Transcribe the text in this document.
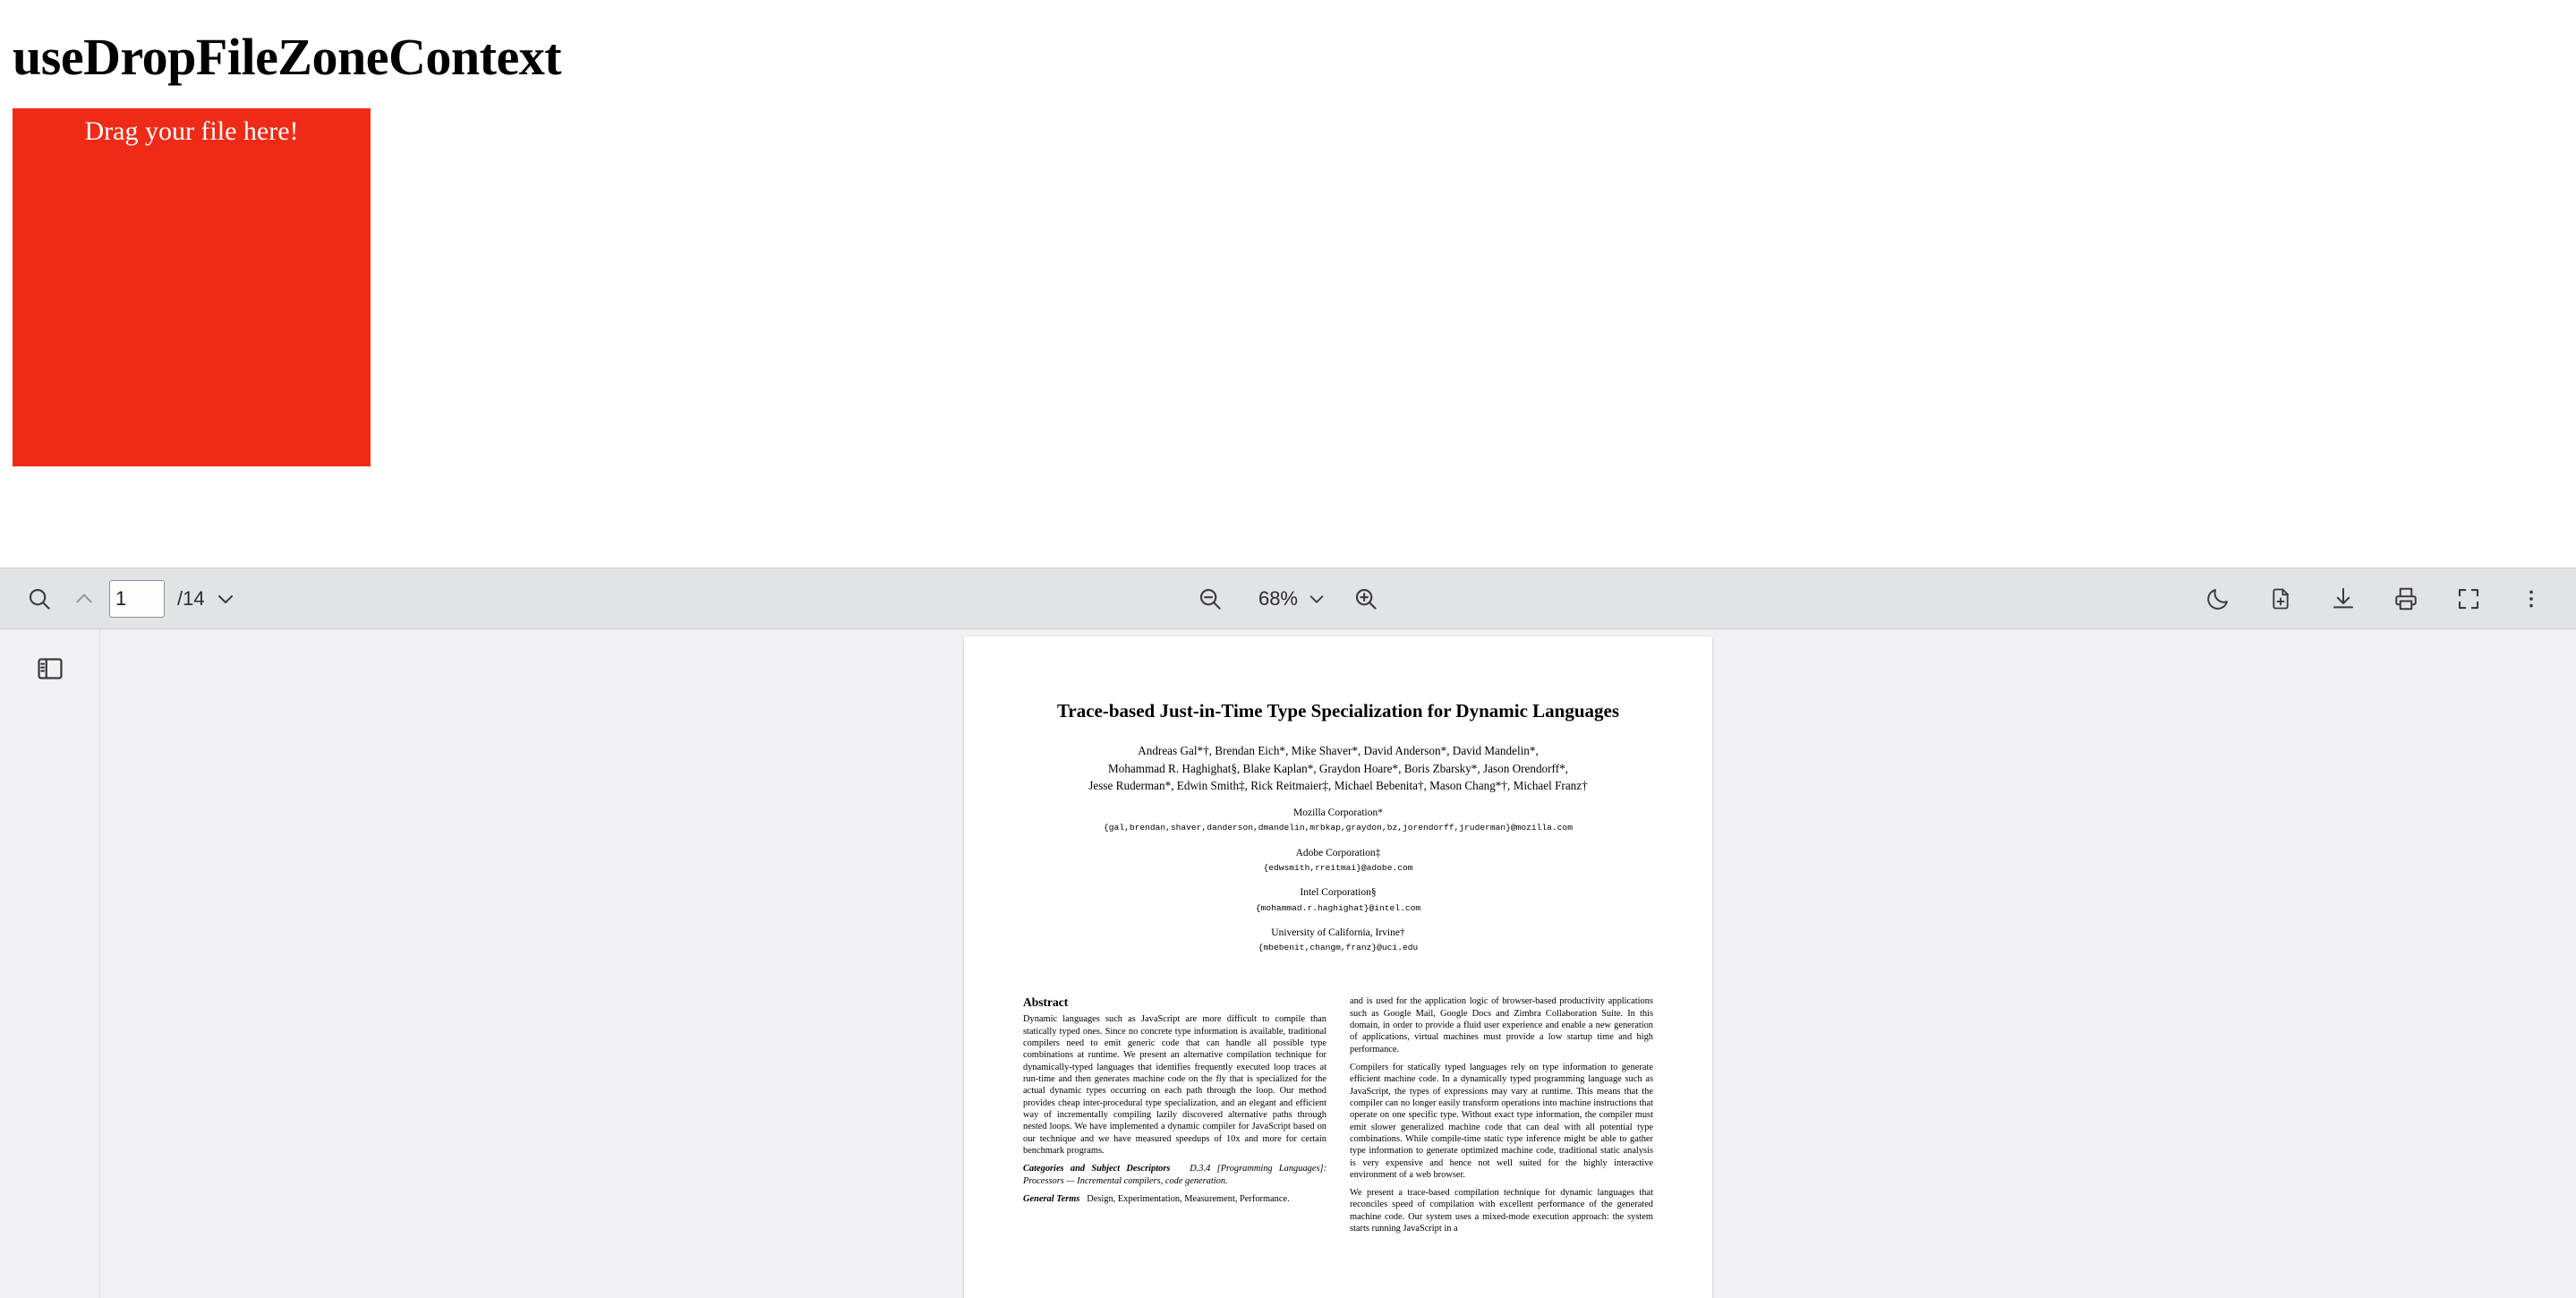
useDropFileZoneContext
Drag your file here!
1
/14	68%
Trace-based Just-in-Time Type Specialization for Dynamic Languages
Andreas Gal*†, Brendan Eich*, Mike Shaver*, David Anderson*, David Mandelin*,
Mohammad R. Haghighat§, Blake Kaplan*, Graydon Hoare*, Boris Zbarsky*, Jason Orendorff*,
Jesse Ruderman*, Edwin Smith‡, Rick Reitmaier‡, Michael Bebenita†, Mason Chang*†, Michael Franz†
Mozilla Corporation*
{gal,brendan,shaver,danderson,dmandelin,mrbkap,graydon,bz,jorendorff,jruderman}@mozilla.com
Adobe Corporation‡
{edwsmith,rreitmai}@adobe.com
Intel Corporation§
{mohammad.r.haghighat}@intel.com
University of California, Irvine†
{mbebenit,changm,franz}@uci.edu
Abstract

Dynamic languages such as JavaScript are more difficult to compile than statically typed ones. Since no concrete type information is available, traditional compilers need to emit generic code that can handle all possible type combinations at runtime. We present an alternative compilation technique for dynamically-typed languages that identifies frequently executed loop traces at run-time and then generates machine code on the fly that is specialized for the actual dynamic types occurring on each path through the loop. Our method provides cheap inter-procedural type specialization, and an elegant and efficient way of incrementally compiling lazily discovered alternative paths through nested loops. We have implemented a dynamic compiler for JavaScript based on our technique and we have measured speedups of 10x and more for certain benchmark programs.

Categories and Subject Descriptors D.3.4 [Programming Languages]: Processors — Incremental compilers, code generation.

General Terms Design, Experimentation, Measurement, Performance.

and is used for the application logic of browser-based productivity applications such as Google Mail, Google Docs and Zimbra Collaboration Suite. In this domain, in order to provide a fluid user experience and enable a new generation of applications, virtual machines must provide a low startup time and high performance.

Compilers for statically typed languages rely on type information to generate efficient machine code. In a dynamically typed programming language such as JavaScript, the types of expressions may vary at runtime. This means that the compiler can no longer easily transform operations into machine instructions that operate on one specific type. Without exact type information, the compiler must emit slower generalized machine code that can deal with all potential type combinations. While compile-time static type inference might be able to gather type information to generate optimized machine code, traditional static analysis is very expensive and hence not well suited for the highly interactive environment of a web browser.

We present a trace-based compilation technique for dynamic languages that reconciles speed of compilation with excellent performance of the generated machine code. Our system uses a mixed-mode execution approach: the system starts running JavaScript in a
